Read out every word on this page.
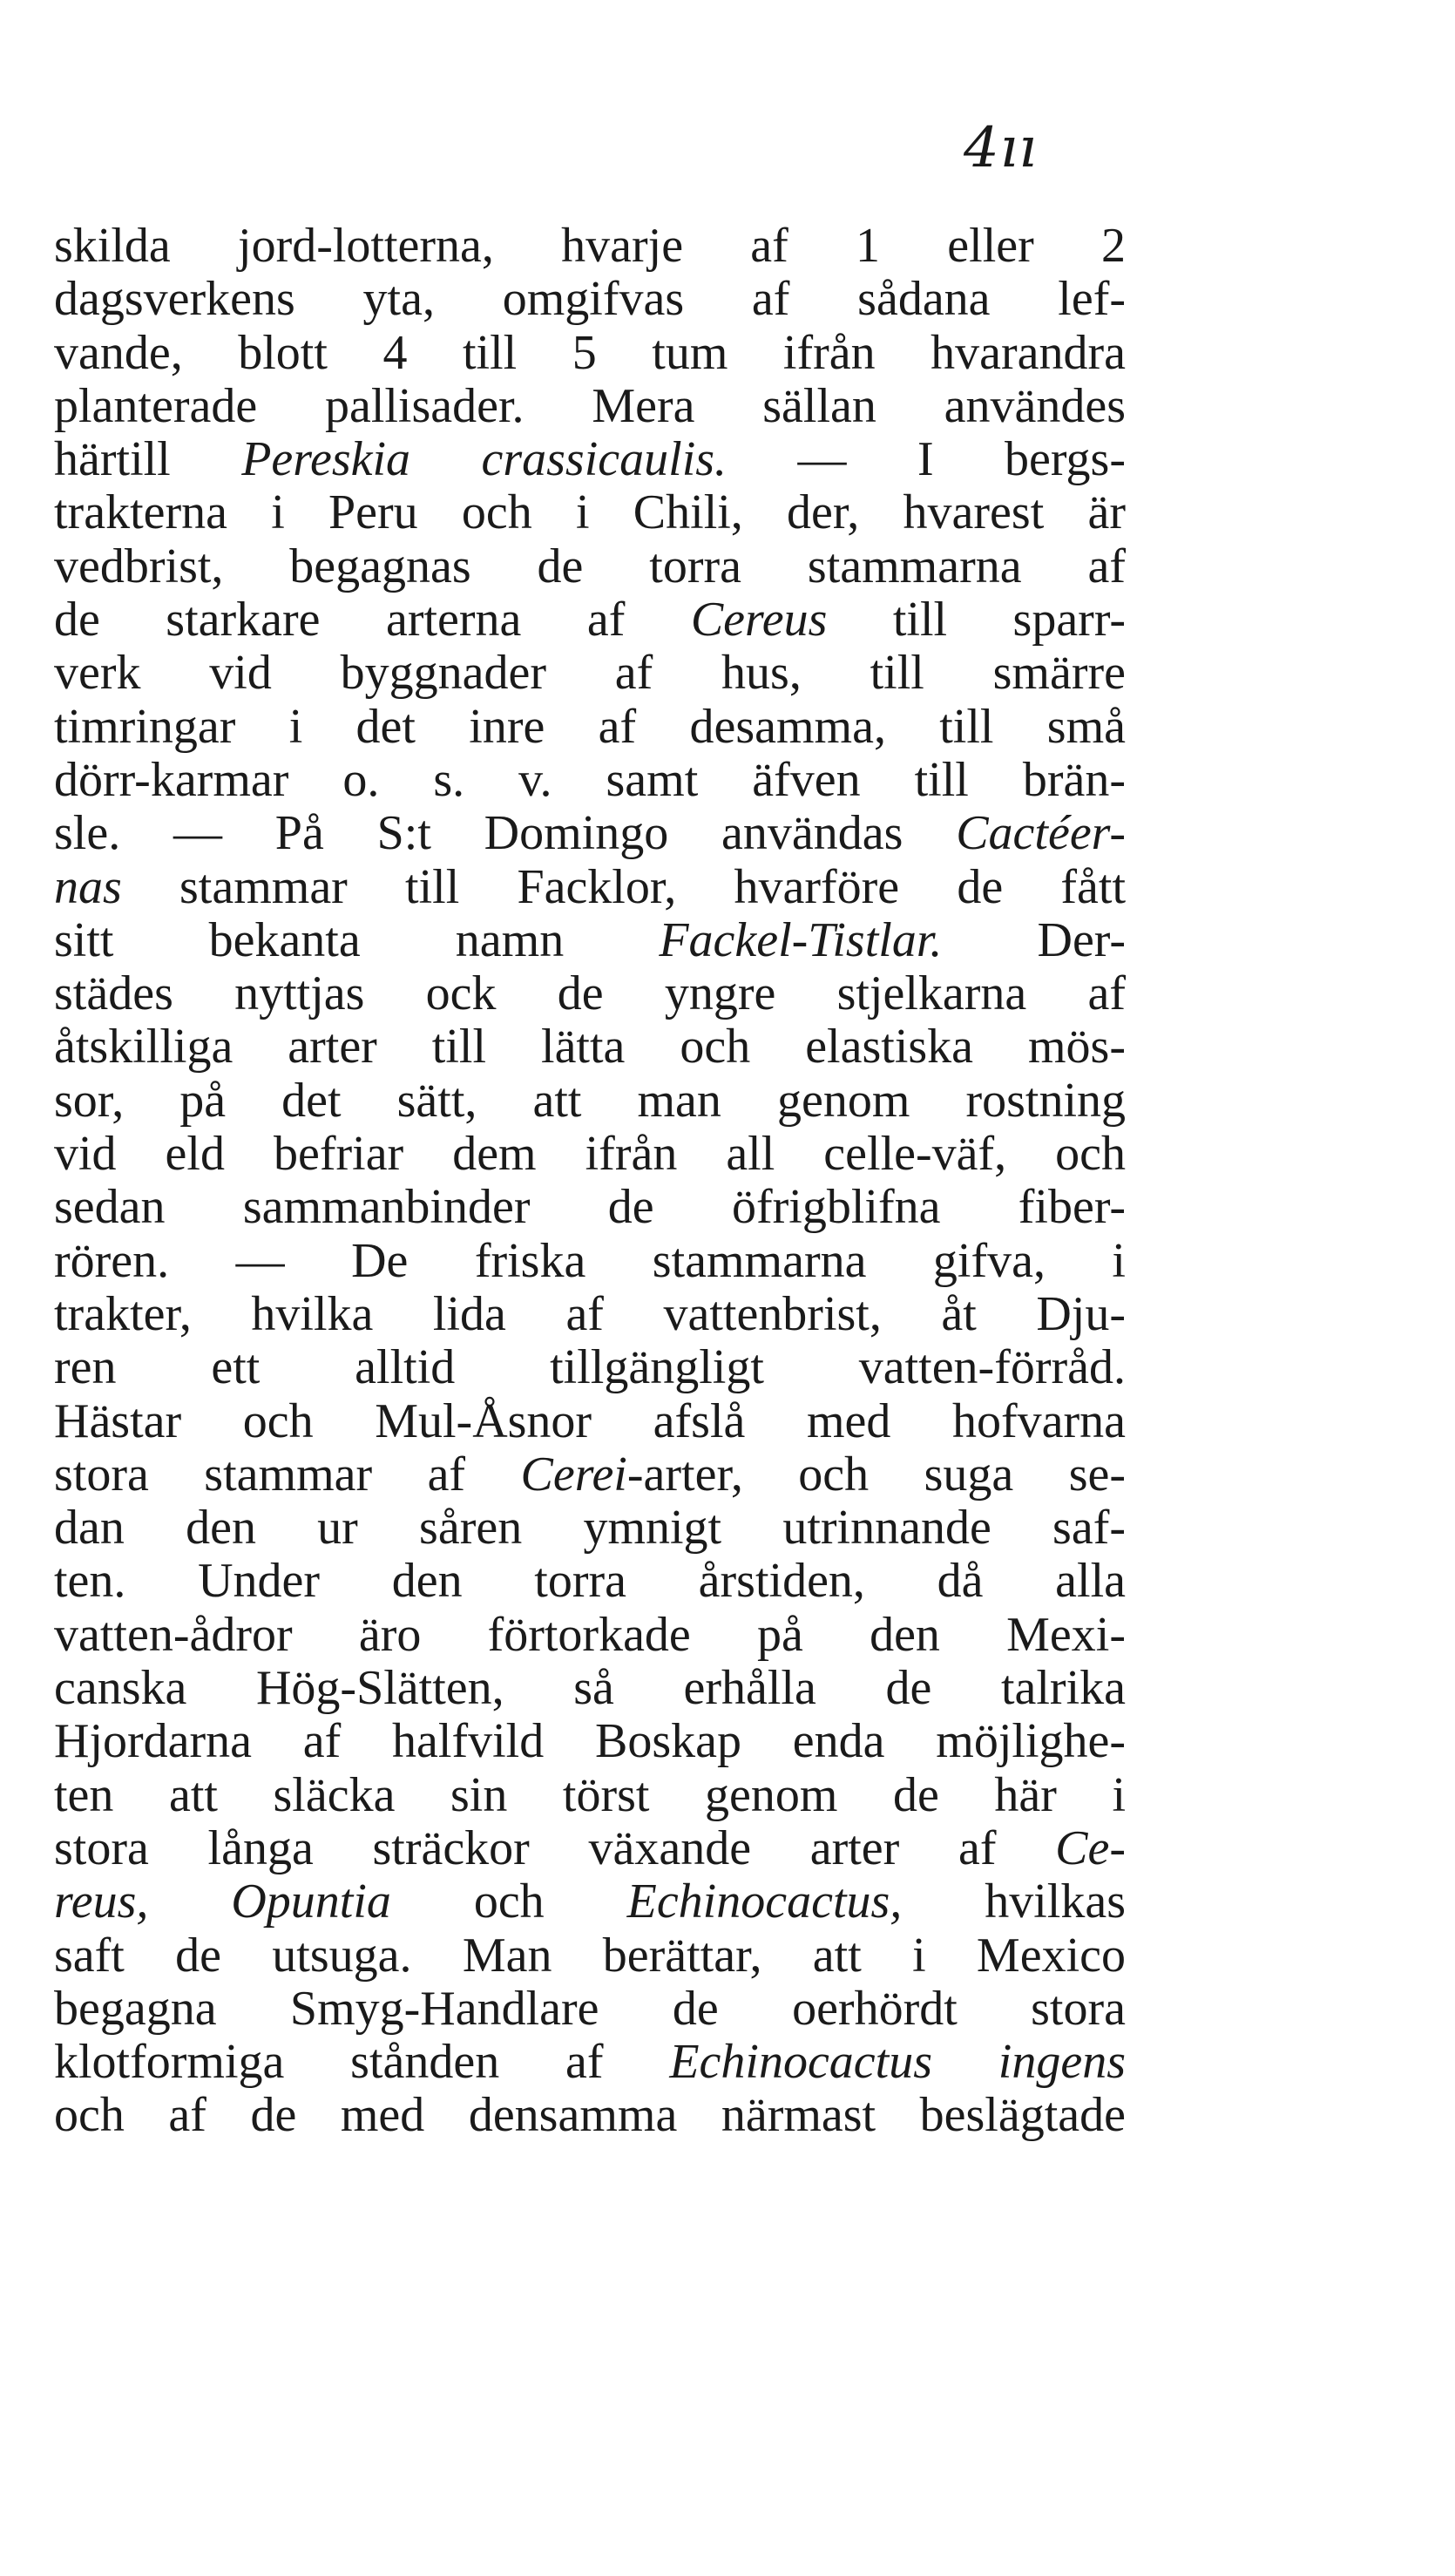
4ıı
skilda jord-lotterna, hvarje af 1 eller 2
dagsverkens yta, omgifvas af sådana lef-
vande, blott 4 till 5 tum ifrån hvarandra
planterade pallisader. Mera sällan användes
härtill Pereskia crassicaulis. — I bergs-
trakterna i Peru och i Chili, der, hvarest är
vedbrist, begagnas de torra stammarna af
de starkare arterna af Cereus till sparr-
verk vid byggnader af hus, till smärre
timringar i det inre af desamma, till små
dörr-karmar o. s. v. samt äfven till brän-
sle. — På S:t Domingo användas Cactéer-
nas stammar till Facklor, hvarföre de fått
sitt bekanta namn Fackel-Tistlar. Der-
städes nyttjas ock de yngre stjelkarna af
åtskilliga arter till lätta och elastiska mös-
sor, på det sätt, att man genom rostning
vid eld befriar dem ifrån all celle-väf, och
sedan sammanbinder de öfrigblifna fiber-
rören. — De friska stammarna gifva, i
trakter, hvilka lida af vattenbrist, åt Dju-
ren ett alltid tillgängligt vatten-förråd.
Hästar och Mul-Åsnor afslå med hofvarna
stora stammar af Cerei-arter, och suga se-
dan den ur såren ymnigt utrinnande saf-
ten. Under den torra årstiden, då alla
vatten-ådror äro förtorkade på den Mexi-
canska Hög-Slätten, så erhålla de talrika
Hjordarna af halfvild Boskap enda möjlighe-
ten att släcka sin törst genom de här i
stora långa sträckor växande arter af Ce-
reus, Opuntia och Echinocactus, hvilkas
saft de utsuga. Man berättar, att i Mexico
begagna Smyg-Handlare de oerhördt stora
klotformiga stånden af Echinocactus ingens
och af de med densamma närmast beslägtade
